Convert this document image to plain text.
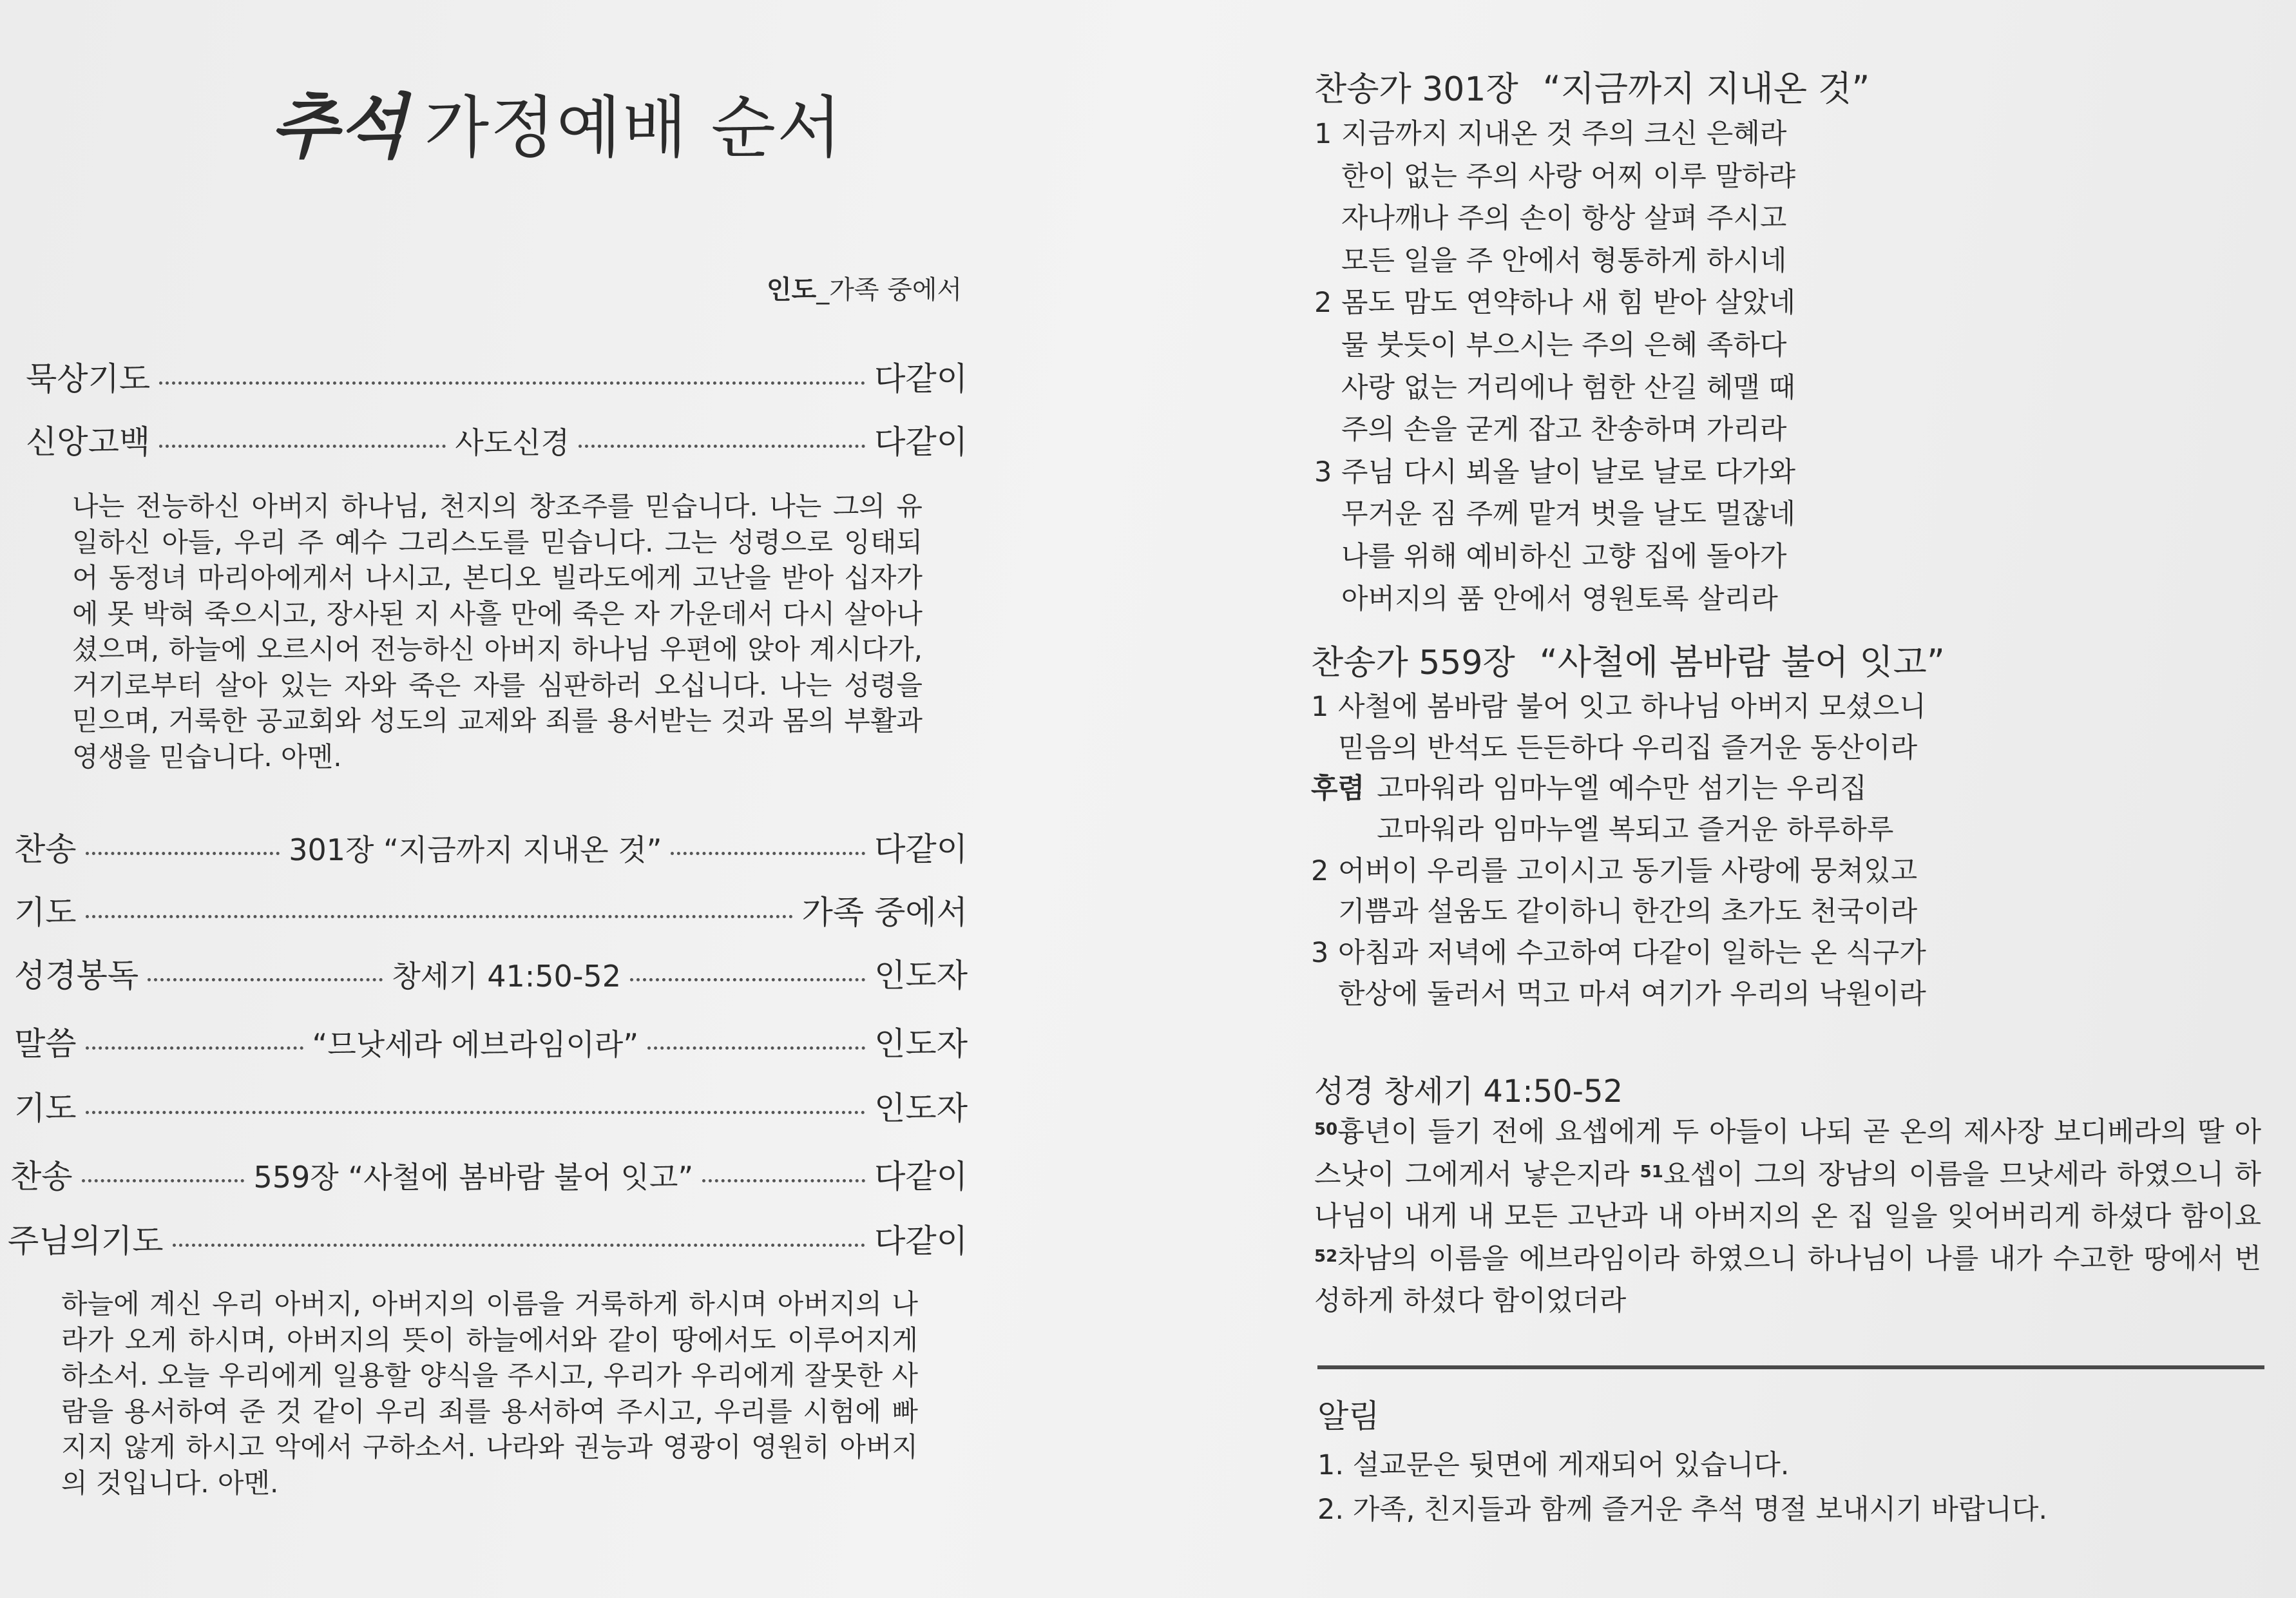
추석 가정예배 순서
인도_가족 중에서
묵상기도	다같이
신앙고백	사도신경	다같이
나는 전능하신 아버지 하나님, 천지의 창조주를 믿습니다. 나는 그의 유일하신 아들, 우리 주 예수 그리스도를 믿습니다. 그는 성령으로 잉태되어 동정녀 마리아에게서 나시고, 본디오 빌라도에게 고난을 받아 십자가에 못 박혀 죽으시고, 장사된 지 사흘 만에 죽은 자 가운데서 다시 살아나셨으며, 하늘에 오르시어 전능하신 아버지 하나님 우편에 앉아 계시다가, 거기로부터 살아 있는 자와 죽은 자를 심판하러 오십니다. 나는 성령을 믿으며, 거룩한 공교회와 성도의 교제와 죄를 용서받는 것과 몸의 부활과 영생을 믿습니다. 아멘.
찬송	301장 “지금까지 지내온 것”	다같이
기도	가족 중에서
성경봉독	창세기 41:50-52	인도자
말씀	“므낫세라 에브라임이라”	인도자
기도	인도자
찬송	559장 “사철에 봄바람 불어 잇고”	다같이
주님의기도	다같이
하늘에 계신 우리 아버지, 아버지의 이름을 거룩하게 하시며 아버지의 나라가 오게 하시며, 아버지의 뜻이 하늘에서와 같이 땅에서도 이루어지게 하소서. 오늘 우리에게 일용할 양식을 주시고, 우리가 우리에게 잘못한 사람을 용서하여 준 것 같이 우리 죄를 용서하여 주시고, 우리를 시험에 빠지지 않게 하시고 악에서 구하소서. 나라와 권능과 영광이 영원히 아버지의 것입니다. 아멘.
찬송가 301장 “지금까지 지내온 것”
1 지금까지 지내온 것 주의 크신 은혜라
한이 없는 주의 사랑 어찌 이루 말하랴
자나깨나 주의 손이 항상 살펴 주시고
모든 일을 주 안에서 형통하게 하시네
2 몸도 맘도 연약하나 새 힘 받아 살았네
물 붓듯이 부으시는 주의 은혜 족하다
사랑 없는 거리에나 험한 산길 헤맬 때
주의 손을 굳게 잡고 찬송하며 가리라
3 주님 다시 뵈올 날이 날로 날로 다가와
무거운 짐 주께 맡겨 벗을 날도 멀잖네
나를 위해 예비하신 고향 집에 돌아가
아버지의 품 안에서 영원토록 살리라
찬송가 559장 “사철에 봄바람 불어 잇고”
1 사철에 봄바람 불어 잇고 하나님 아버지 모셨으니
믿음의 반석도 든든하다 우리집 즐거운 동산이라
후렴 고마워라 임마누엘 예수만 섬기는 우리집
고마워라 임마누엘 복되고 즐거운 하루하루
2 어버이 우리를 고이시고 동기들 사랑에 뭉쳐있고
기쁨과 설움도 같이하니 한간의 초가도 천국이라
3 아침과 저녁에 수고하여 다같이 일하는 온 식구가
한상에 둘러서 먹고 마셔 여기가 우리의 낙원이라
성경 창세기 41:50-52
$^{50}$흉년이 들기 전에 요셉에게 두 아들이 나되 곧 온의 제사장 보디베라의 딸 아스낫이 그에게서 낳은지라 $^{51}$요셉이 그의 장남의 이름을 므낫세라 하였으니 하나님이 내게 내 모든 고난과 내 아버지의 온 집 일을 잊어버리게 하셨다 함이요 $^{52}$차남의 이름을 에브라임이라 하였으니 하나님이 나를 내가 수고한 땅에서 번성하게 하셨다 함이었더라
알림
1. 설교문은 뒷면에 게재되어 있습니다.
2. 가족, 친지들과 함께 즐거운 추석 명절 보내시기 바랍니다.
